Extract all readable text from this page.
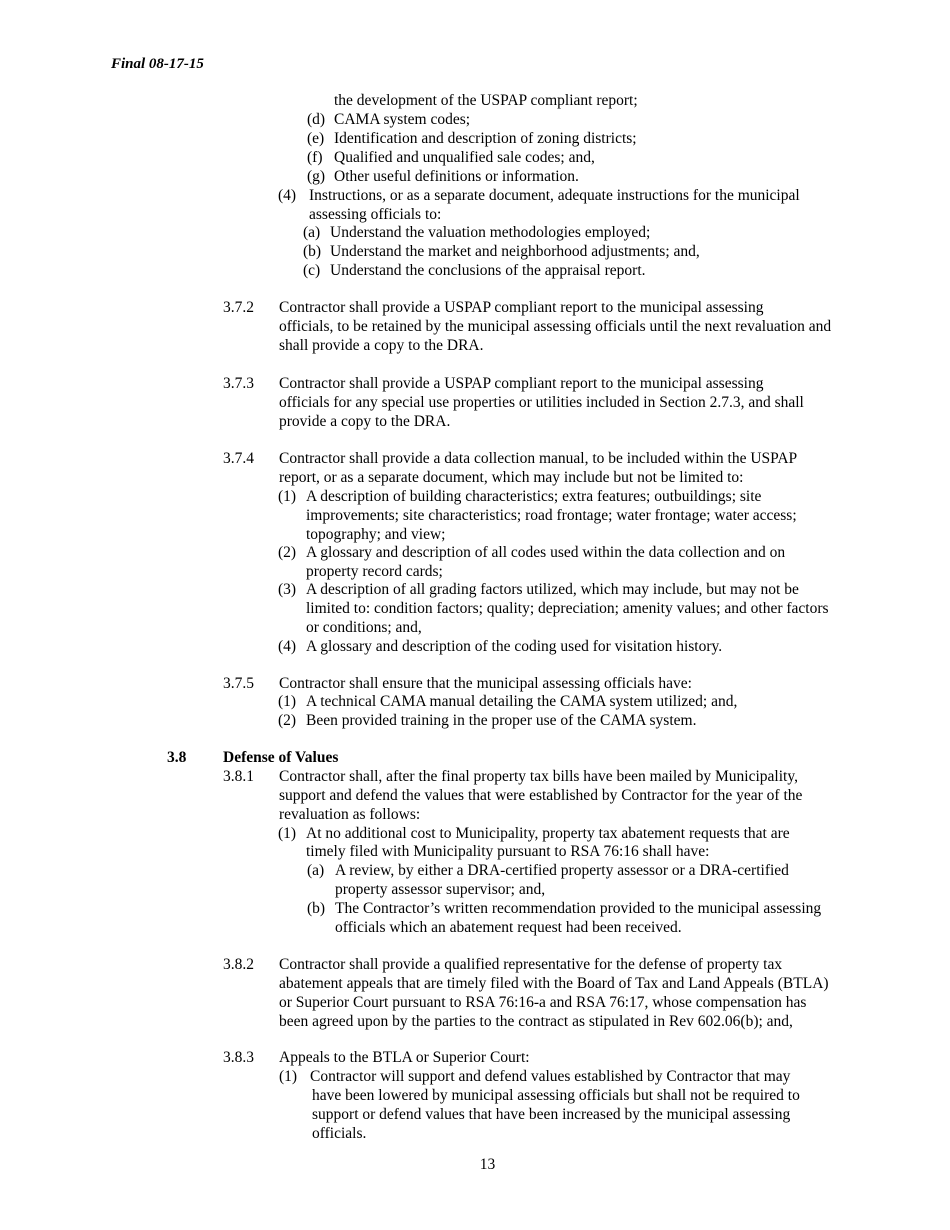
Final 08-17-15
the development of the USPAP compliant report;
(d) CAMA system codes;
(e) Identification and description of zoning districts;
(f) Qualified and unqualified sale codes; and,
(g) Other useful definitions or information.
(4) Instructions, or as a separate document, adequate instructions for the municipal
assessing officials to:
(a) Understand the valuation methodologies employed;
(b) Understand the market and neighborhood adjustments; and,
(c) Understand the conclusions of the appraisal report.
3.7.2 Contractor shall provide a USPAP compliant report to the municipal assessing
officials, to be retained by the municipal assessing officials until the next revaluation and
shall provide a copy to the DRA.
3.7.3 Contractor shall provide a USPAP compliant report to the municipal assessing
officials for any special use properties or utilities included in Section 2.7.3, and shall
provide a copy to the DRA.
3.7.4 Contractor shall provide a data collection manual, to be included within the USPAP
report, or as a separate document, which may include but not be limited to:
(1) A description of building characteristics; extra features; outbuildings; site
improvements; site characteristics; road frontage; water frontage; water access;
topography; and view;
(2) A glossary and description of all codes used within the data collection and on
property record cards;
(3) A description of all grading factors utilized, which may include, but may not be
limited to: condition factors; quality; depreciation; amenity values; and other factors
or conditions; and,
(4) A glossary and description of the coding used for visitation history.
3.7.5 Contractor shall ensure that the municipal assessing officials have:
(1) A technical CAMA manual detailing the CAMA system utilized; and,
(2) Been provided training in the proper use of the CAMA system.
3.8 Defense of Values
3.8.1 Contractor shall, after the final property tax bills have been mailed by Municipality,
support and defend the values that were established by Contractor for the year of the
revaluation as follows:
(1) At no additional cost to Municipality, property tax abatement requests that are
timely filed with Municipality pursuant to RSA 76:16 shall have:
(a) A review, by either a DRA-certified property assessor or a DRA-certified
property assessor supervisor; and,
(b) The Contractor’s written recommendation provided to the municipal assessing
officials which an abatement request had been received.
3.8.2 Contractor shall provide a qualified representative for the defense of property tax
abatement appeals that are timely filed with the Board of Tax and Land Appeals (BTLA)
or Superior Court pursuant to RSA 76:16-a and RSA 76:17, whose compensation has
been agreed upon by the parties to the contract as stipulated in Rev 602.06(b); and,
3.8.3 Appeals to the BTLA or Superior Court:
(1) Contractor will support and defend values established by Contractor that may
have been lowered by municipal assessing officials but shall not be required to
support or defend values that have been increased by the municipal assessing
officials.
13
